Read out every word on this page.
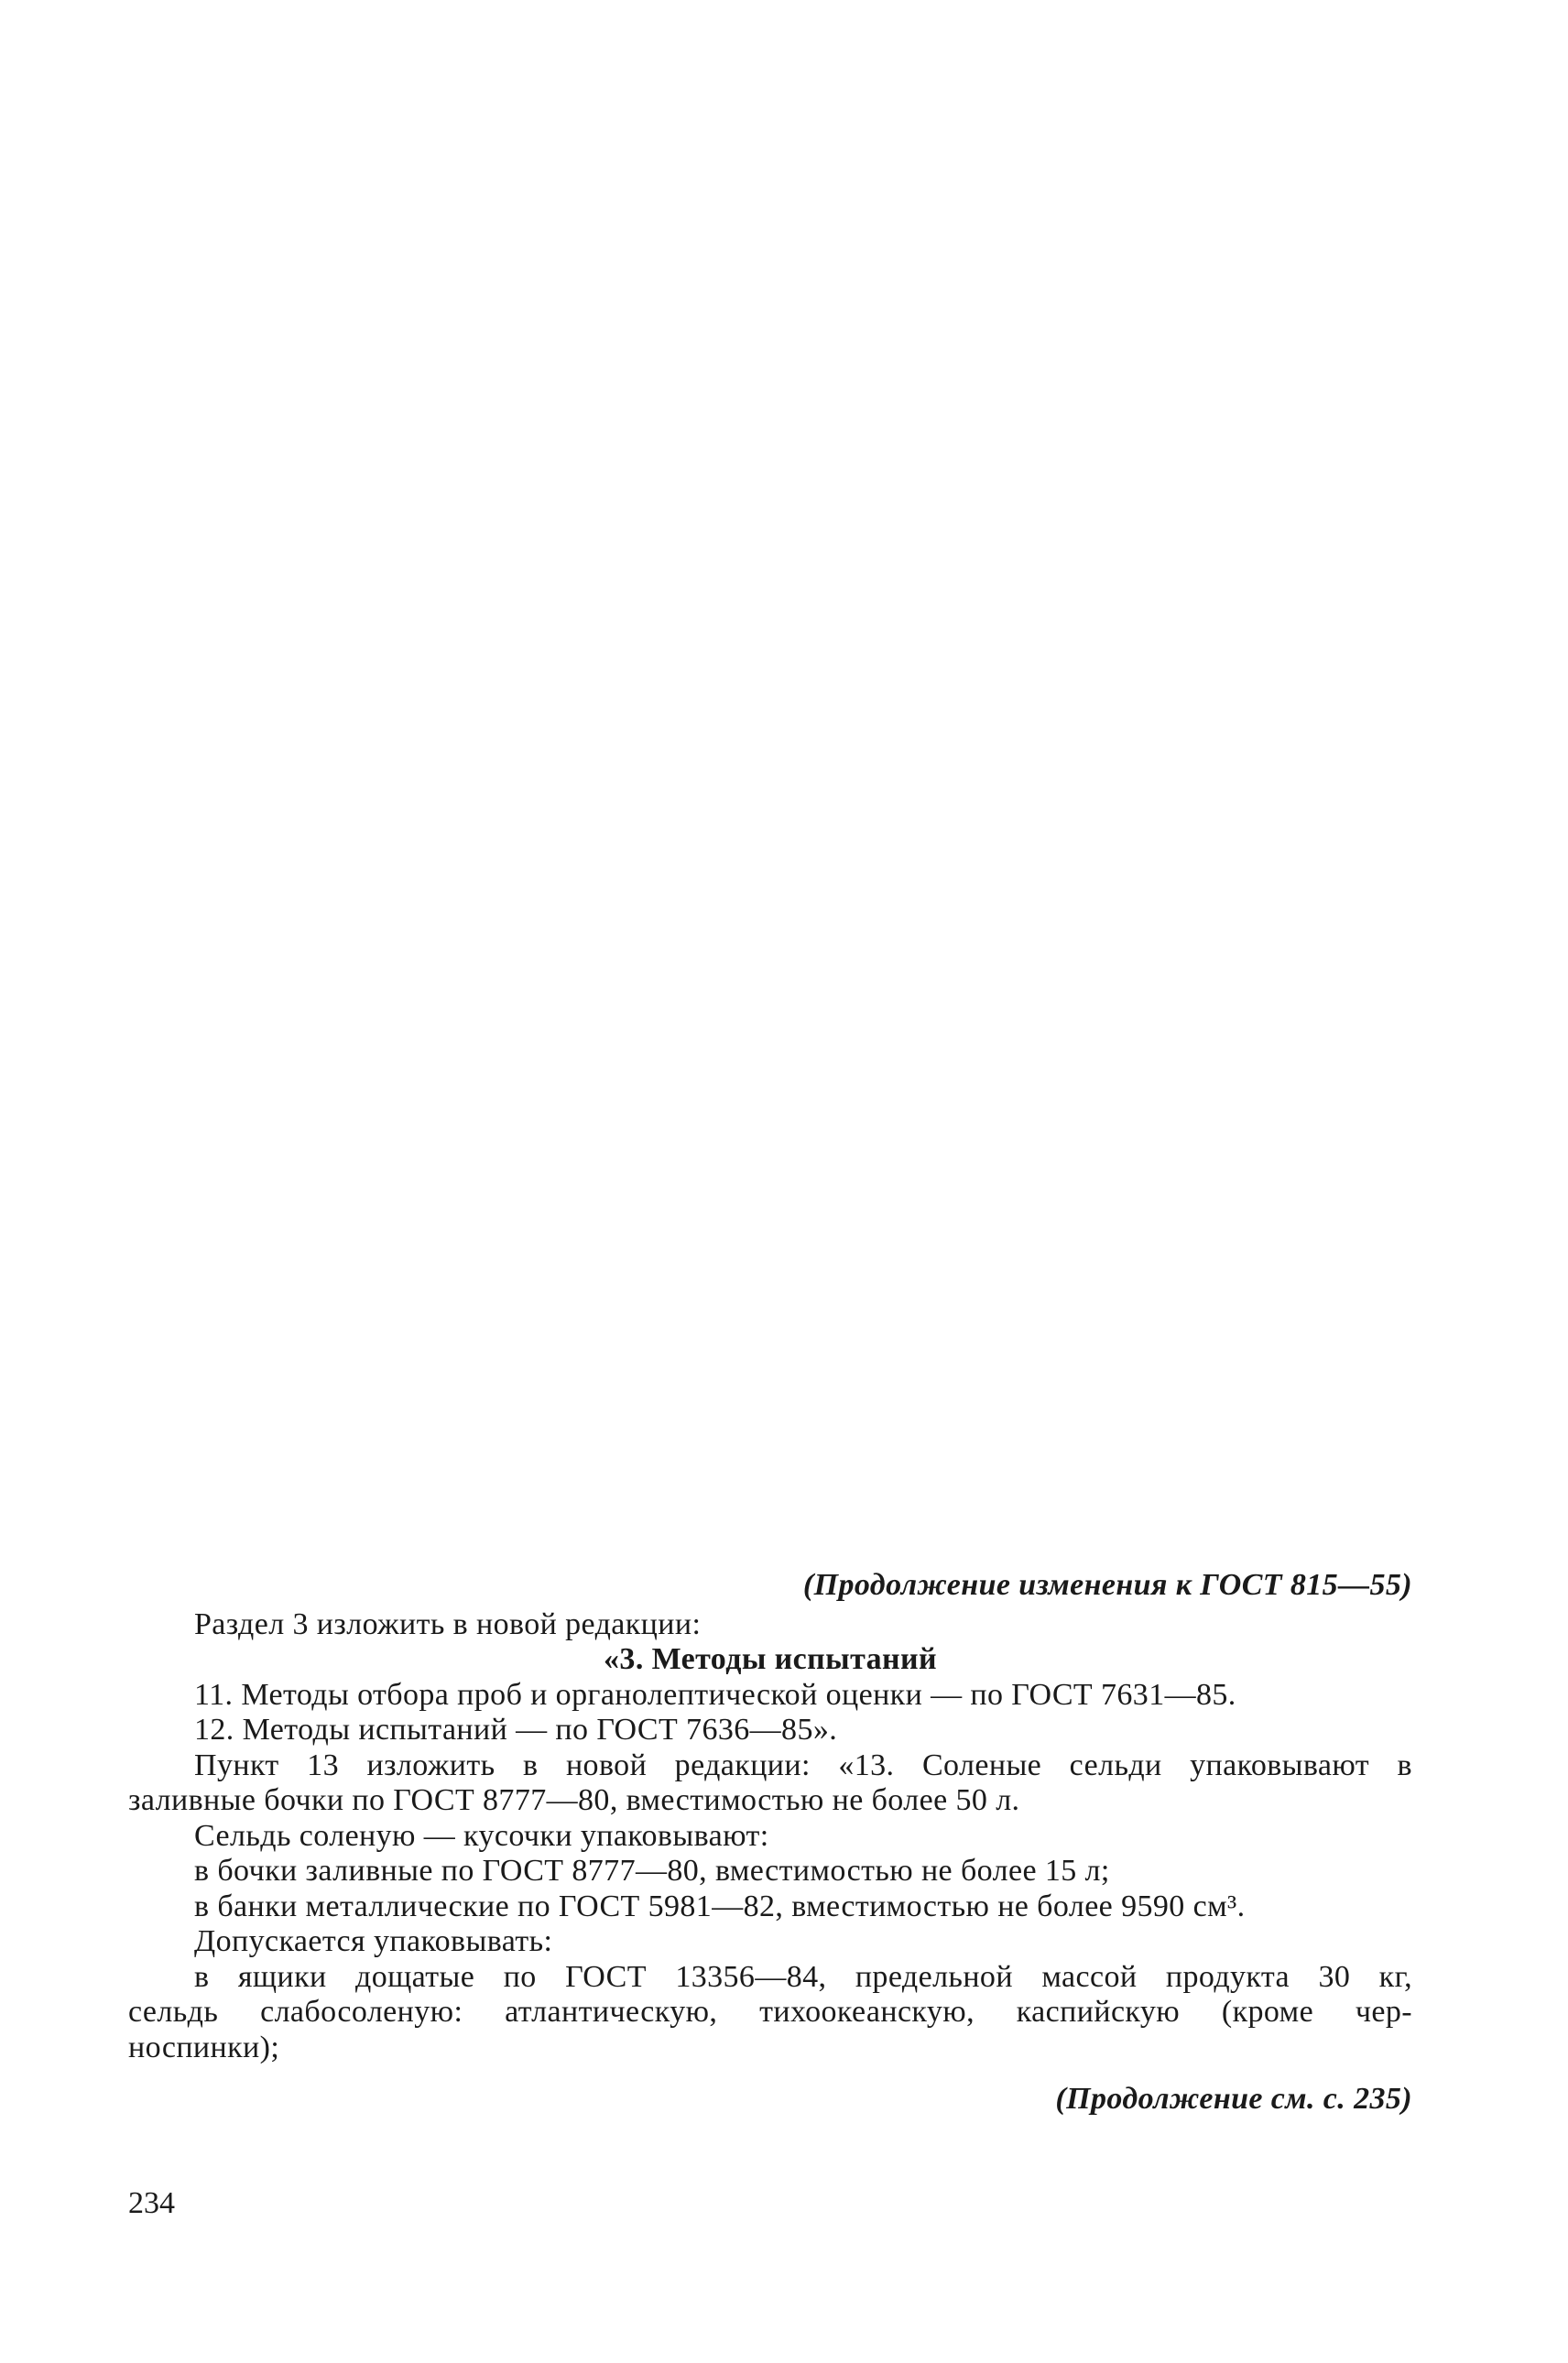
(Продолжение изменения к ГОСТ 815—55)
Раздел 3 изложить в новой редакции:
«3. Методы испытаний
11. Методы отбора проб и органолептической оценки — по ГОСТ 7631—85.
12. Методы испытаний — по ГОСТ 7636—85».
Пункт 13 изложить в новой редакции: «13. Соленые сельди упаковывают в
заливные бочки по ГОСТ 8777—80, вместимостью не более 50 л.
Сельдь соленую — кусочки упаковывают:
в бочки заливные по ГОСТ 8777—80, вместимостью не более 15 л;
в банки металлические по ГОСТ 5981—82, вместимостью не более 9590 см³.
Допускается упаковывать:
в ящики дощатые по ГОСТ 13356—84, предельной массой продукта 30 кг,
сельдь слабосоленую: атлантическую, тихоокеанскую, каспийскую (кроме чер-
носпинки);
(Продолжение см. с. 235)
234
